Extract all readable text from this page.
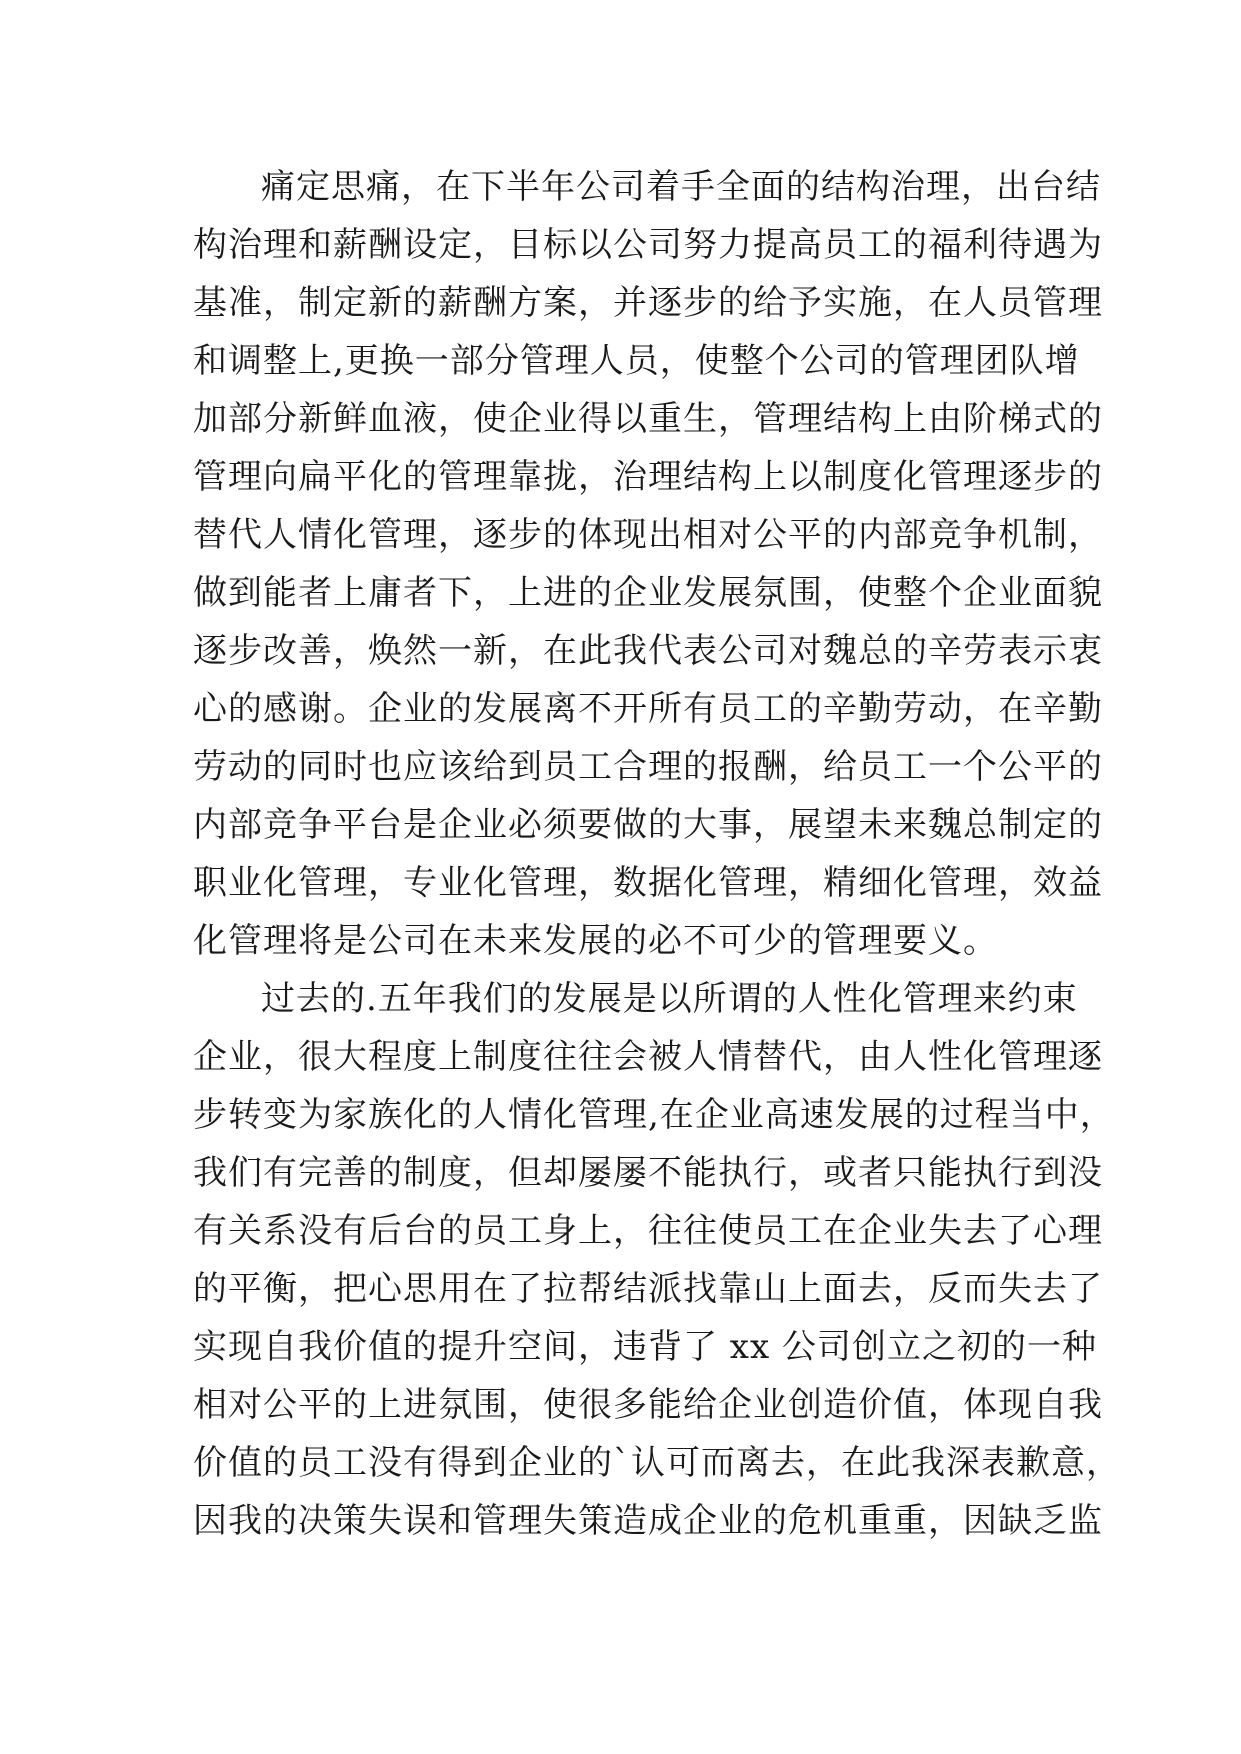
痛定思痛，在下半年公司着手全面的结构治理，出台结
构治理和薪酬设定，目标以公司努力提高员工的福利待遇为
基准，制定新的薪酬方案，并逐步的给予实施，在人员管理
和调整上,更换一部分管理人员，使整个公司的管理团队增
加部分新鲜血液，使企业得以重生，管理结构上由阶梯式的
管理向扁平化的管理靠拢，治理结构上以制度化管理逐步的
替代人情化管理，逐步的体现出相对公平的内部竞争机制，
做到能者上庸者下，上进的企业发展氛围，使整个企业面貌
逐步改善，焕然一新，在此我代表公司对魏总的辛劳表示衷
心的感谢。企业的发展离不开所有员工的辛勤劳动，在辛勤
劳动的同时也应该给到员工合理的报酬，给员工一个公平的
内部竞争平台是企业必须要做的大事，展望未来魏总制定的
职业化管理，专业化管理，数据化管理，精细化管理，效益
化管理将是公司在未来发展的必不可少的管理要义。
过去的.五年我们的发展是以所谓的人性化管理来约束
企业，很大程度上制度往往会被人情替代，由人性化管理逐
步转变为家族化的人情化管理,在企业高速发展的过程当中，
我们有完善的制度，但却屡屡不能执行，或者只能执行到没
有关系没有后台的员工身上，往往使员工在企业失去了心理
的平衡，把心思用在了拉帮结派找靠山上面去，反而失去了
实现自我价值的提升空间，违背了 xx 公司创立之初的一种
相对公平的上进氛围，使很多能给企业创造价值，体现自我
价值的员工没有得到企业的`认可而离去，在此我深表歉意，
因我的决策失误和管理失策造成企业的危机重重，因缺乏监
